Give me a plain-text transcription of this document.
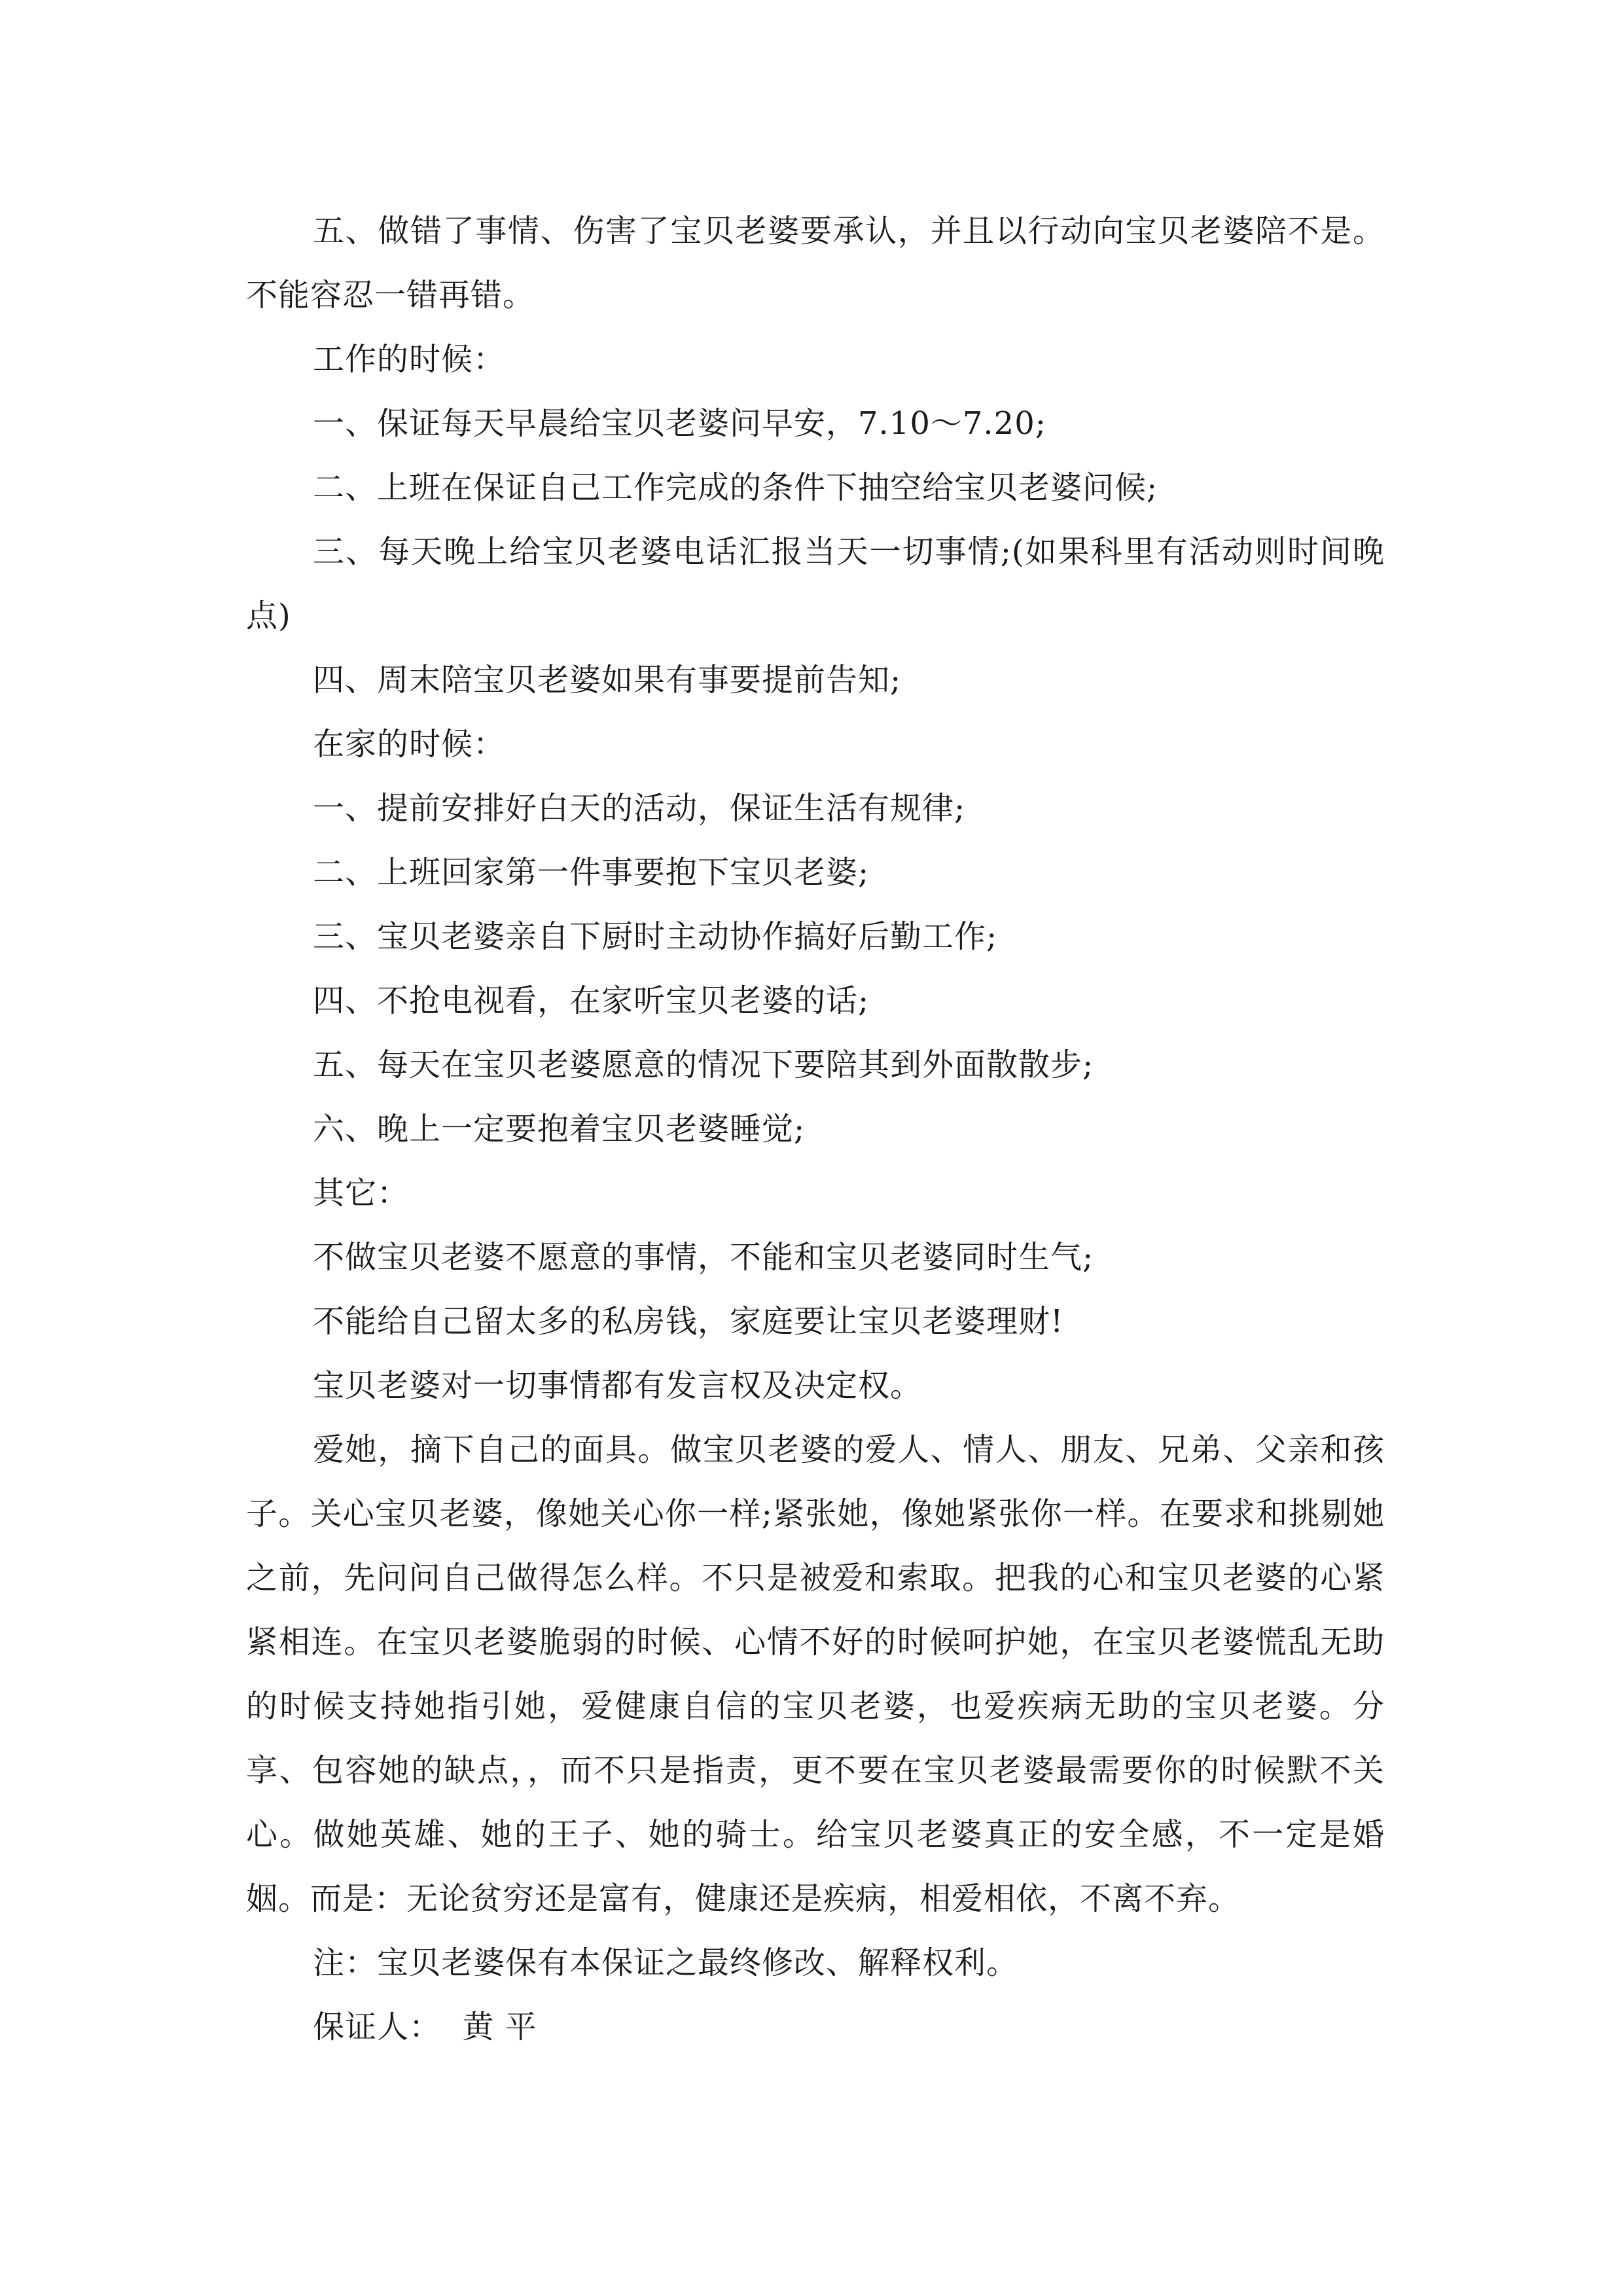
五、做错了事情、伤害了宝贝老婆要承认，并且以行动向宝贝老婆陪不是。不能容忍一错再错。

工作的时候：

一、保证每天早晨给宝贝老婆问早安，7.10～7.20;

二、上班在保证自己工作完成的条件下抽空给宝贝老婆问候;

三、每天晚上给宝贝老婆电话汇报当天一切事情;(如果科里有活动则时间晚点)

四、周末陪宝贝老婆如果有事要提前告知;

在家的时候：

一、提前安排好白天的活动，保证生活有规律;

二、上班回家第一件事要抱下宝贝老婆;

三、宝贝老婆亲自下厨时主动协作搞好后勤工作;

四、不抢电视看，在家听宝贝老婆的话;

五、每天在宝贝老婆愿意的情况下要陪其到外面散散步;

六、晚上一定要抱着宝贝老婆睡觉;

其它：

不做宝贝老婆不愿意的事情，不能和宝贝老婆同时生气;

不能给自己留太多的私房钱，家庭要让宝贝老婆理财!

宝贝老婆对一切事情都有发言权及决定权。

爱她，摘下自己的面具。做宝贝老婆的爱人、情人、朋友、兄弟、父亲和孩子。关心宝贝老婆，像她关心你一样;紧张她，像她紧张你一样。在要求和挑剔她之前，先问问自己做得怎么样。不只是被爱和索取。把我的心和宝贝老婆的心紧紧相连。在宝贝老婆脆弱的时候、心情不好的时候呵护她，在宝贝老婆慌乱无助的时候支持她指引她，爱健康自信的宝贝老婆，也爱疾病无助的宝贝老婆。分享、包容她的缺点，，而不只是指责，更不要在宝贝老婆最需要你的时候默不关心。做她英雄、她的王子、她的骑士。给宝贝老婆真正的安全感，不一定是婚姻。而是：无论贫穷还是富有，健康还是疾病，相爱相依，不离不弃。

注：宝贝老婆保有本保证之最终修改、解释权利。

保证人：  黄 平
